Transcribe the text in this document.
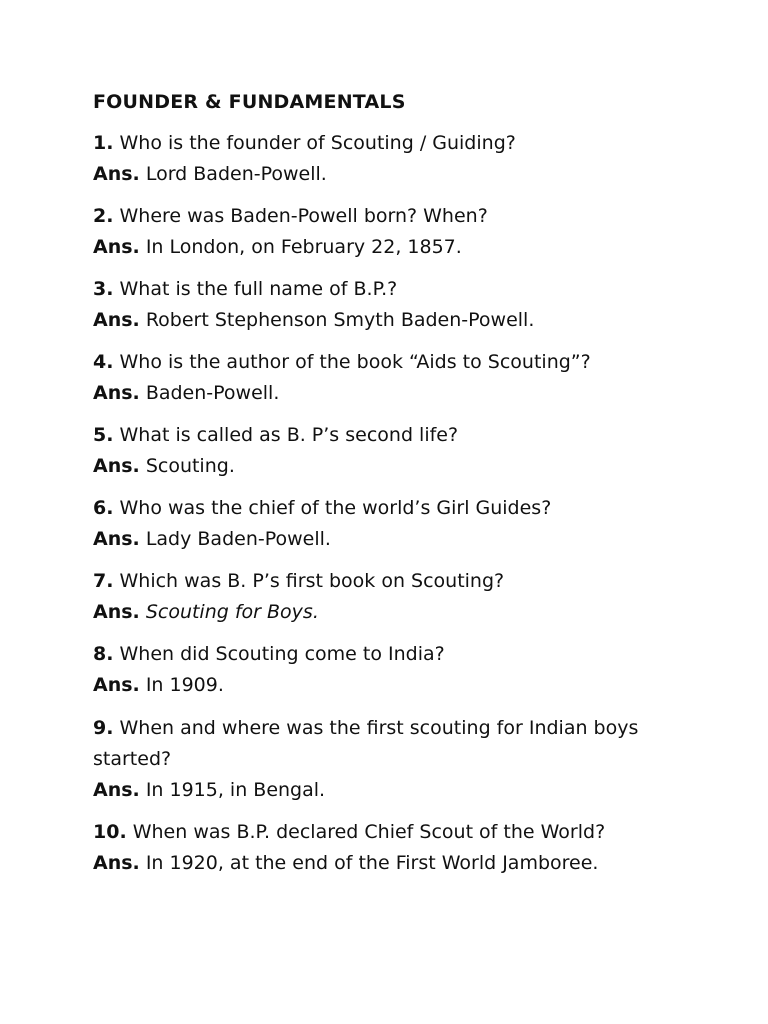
FOUNDER & FUNDAMENTALS
1. Who is the founder of Scouting / Guiding?
Ans. Lord Baden-Powell.
2. Where was Baden-Powell born? When?
Ans. In London, on February 22, 1857.
3. What is the full name of B.P.?
Ans. Robert Stephenson Smyth Baden-Powell.
4. Who is the author of the book “Aids to Scouting”?
Ans. Baden-Powell.
5. What is called as B. P’s second life?
Ans. Scouting.
6. Who was the chief of the world’s Girl Guides?
Ans. Lady Baden-Powell.
7. Which was B. P’s first book on Scouting?
Ans. Scouting for Boys.
8. When did Scouting come to India?
Ans. In 1909.
9. When and where was the first scouting for Indian boys started?
Ans. In 1915, in Bengal.
10. When was B.P. declared Chief Scout of the World?
Ans. In 1920, at the end of the First World Jamboree.
